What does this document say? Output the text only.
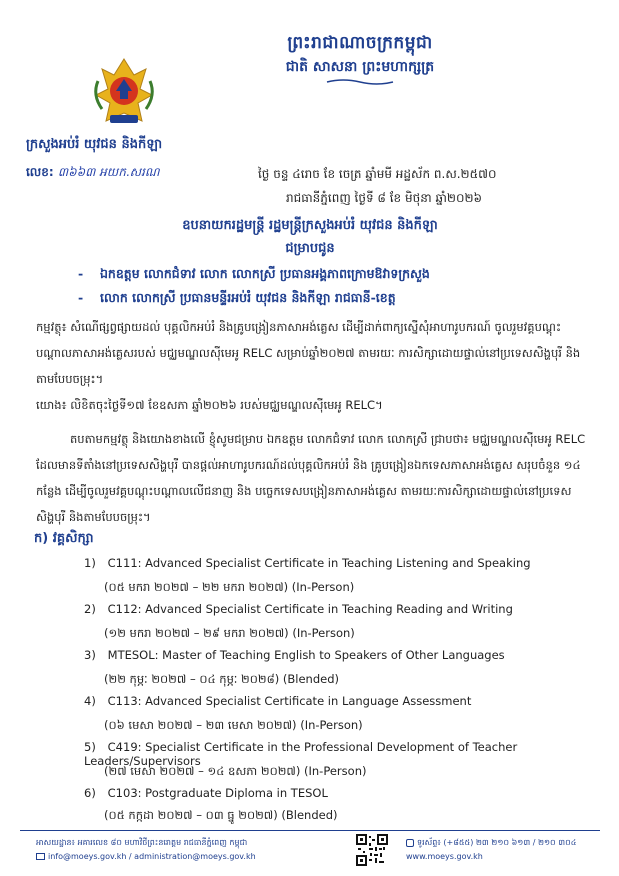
ព្រះរាជាណាចក្រកម្ពុជា
ជាតិ សាសនា ព្រះមហាក្សត្រ
ក្រសួងអប់រំ យុវជន និងកីឡា
លេខ: ៣៦៦៣ អយក.សរណ	ថ្ងៃ ចន្ទ ៤រោច ខែ ចេត្រ ឆ្នាំមមី អដ្ឋស័ក ព.ស.២៥៧០
រាជធានីភ្នំពេញ ថ្ងៃទី ៨ ខែ មិថុនា ឆ្នាំ២០២៦
ឧបនាយករដ្ឋមន្ត្រី រដ្ឋមន្ត្រីក្រសួងអប់រំ យុវជន និងកីឡា
ជម្រាបជូន
- ឯកឧត្តម លោកជំទាវ លោក លោកស្រី ប្រធានអង្គភាពក្រោមឱវាទក្រសួង
- លោក លោកស្រី ប្រធានមន្ទីរអប់រំ យុវជន និងកីឡា រាជធានី-ខេត្ត
កម្មវត្ថុ៖ សំណើផ្សព្វផ្សាយដល់ បុគ្គលិកអប់រំ និងគ្រូបង្រៀនភាសាអង់គ្លេស ដើម្បីដាក់ពាក្យស្នើសុំអាហារូបករណ៍ ចូលរួមវគ្គបណ្តុះបណ្តាលភាសាអង់គ្លេសរបស់ មជ្ឈមណ្ឌលស៊ីមេអូ RELC សម្រាប់ឆ្នាំ២០២៧ តាមរយៈ ការសិក្សាដោយផ្ទាល់នៅប្រទេសសិង្ហបុរី និងតាមបែបចម្រុះ។
យោង៖ លិខិតចុះថ្ងៃទី១៧ ខែឧសភា ឆ្នាំ២០២៦ របស់មជ្ឈមណ្ឌលស៊ីមេអូ RELC។
តបតាមកម្មវត្ថុ និងយោងខាងលើ ខ្ញុំសូមជម្រាប ឯកឧត្តម លោកជំទាវ លោក លោកស្រី ជ្រាបថា៖ មជ្ឈមណ្ឌលស៊ីមេអូ RELC ដែលមានទីតាំងនៅប្រទេសសិង្ហបុរី បានផ្តល់អាហារូបករណ៍ដល់បុគ្គលិកអប់រំ និង គ្រូបង្រៀនឯកទេសភាសាអង់គ្លេស សរុបចំនួន ១៤ កន្លែង ដើម្បីចូលរួមវគ្គបណ្តុះបណ្តាលលើជនាញ និង បច្ចេកទេសបង្រៀនភាសាអង់គ្លេស តាមរយៈការសិក្សាដោយផ្ទាល់នៅប្រទេសសិង្ហបុរី និងតាមបែបចម្រុះ។
ក) វគ្គសិក្សា
1) C111: Advanced Specialist Certificate in Teaching Listening and Speaking
(០៥ មករា ២០២៧ – ២២ មករា ២០២៧) (In-Person)
2) C112: Advanced Specialist Certificate in Teaching Reading and Writing
(១២ មករា ២០២៧ – ២៩ មករា ២០២៧) (In-Person)
3) MTESOL: Master of Teaching English to Speakers of Other Languages
(២២ កុម្ភៈ ២០២៧ – ០៤ កុម្ភៈ ២០២៨) (Blended)
4) C113: Advanced Specialist Certificate in Language Assessment
(០៦ មេសា ២០២៧ – ២៣ មេសា ២០២៧) (In-Person)
5) C419: Specialist Certificate in the Professional Development of Teacher Leaders/Supervisors
(២៧ មេសា ២០២៧ – ១៤ ឧសភា ២០២៧) (In-Person)
6) C103: Postgraduate Diploma in TESOL
(០៥ កក្កដា ២០២៧ – ០៣ ធ្នូ ២០២៧) (Blended)
អាសយដ្ឋាន៖ អគារលេខ ៨០ មហាវិថីព្រះនរោត្តម រាជធានីភ្នំពេញ កម្ពុជា
info@moeys.gov.kh / administration@moeys.gov.kh
ទូរស័ព្ទ៖ (+៨៥៥) ២៣ ២១០ ៦១៣ / ២១០ ៣០៤
www.moeys.gov.kh
